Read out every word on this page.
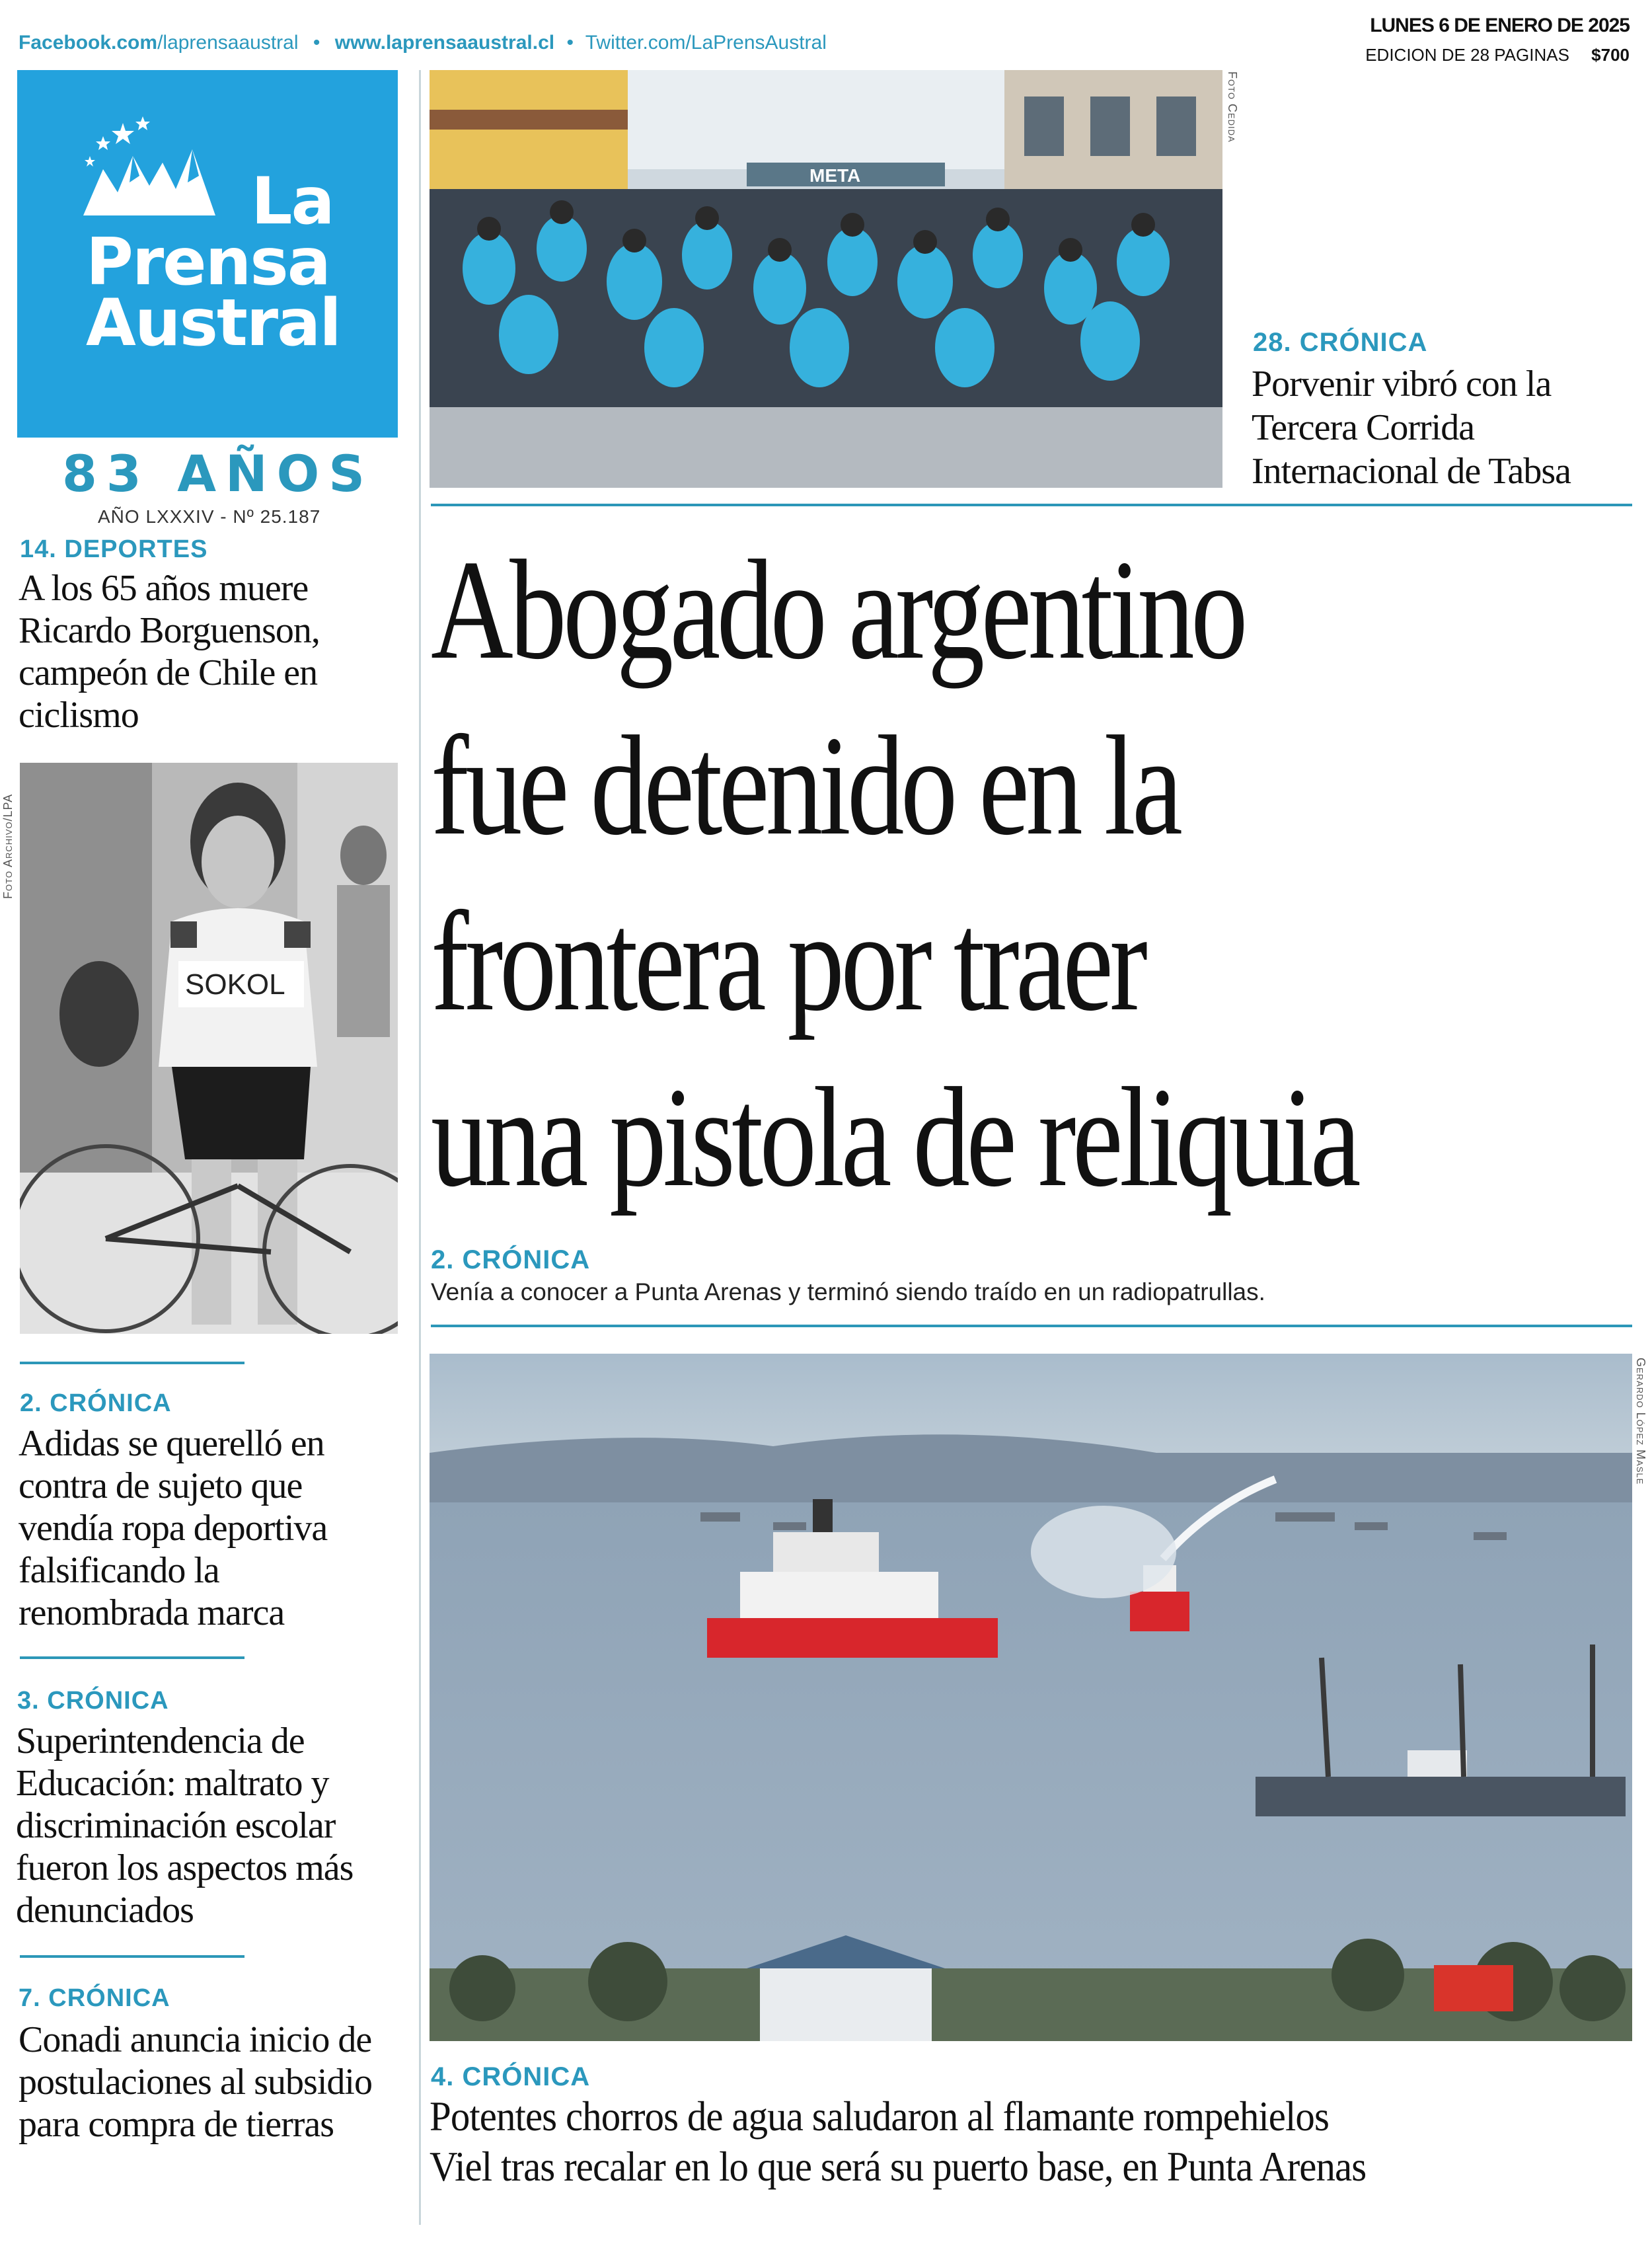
Facebook.com/laprensaaustral • www.laprensaaustral.cl • Twitter.com/LaPrensAustral
LUNES 6 DE ENERO DE 2025
EDICION DE 28 PAGINAS $700
La
Prensa
Austral
83 AÑOS
AÑO LXXXIV - Nº 25.187
14. DEPORTES
A los 65 años muere Ricardo Borguenson, campeón de Chile en ciclismo
Foto Archivo/LPA
SOKOL
2. CRÓNICA
Adidas se querelló en contra de sujeto que vendía ropa deportiva falsificando la renombrada marca
3. CRÓNICA
Superintendencia de Educación: maltrato y discriminación escolar fueron los aspectos más denunciados
7. CRÓNICA
Conadi anuncia inicio de postulaciones al subsidio para compra de tierras
META
Foto Cedida
28. CRÓNICA
Porvenir vibró con la Tercera Corrida Internacional de Tabsa
Abogado argentino
fue detenido en la
frontera por traer
una pistola de reliquia
2. CRÓNICA
Venía a conocer a Punta Arenas y terminó siendo traído en un radiopatrullas.
Gerardo López Masle
4. CRÓNICA
Potentes chorros de agua saludaron al flamante rompehielos
Viel tras recalar en lo que será su puerto base, en Punta Arenas
